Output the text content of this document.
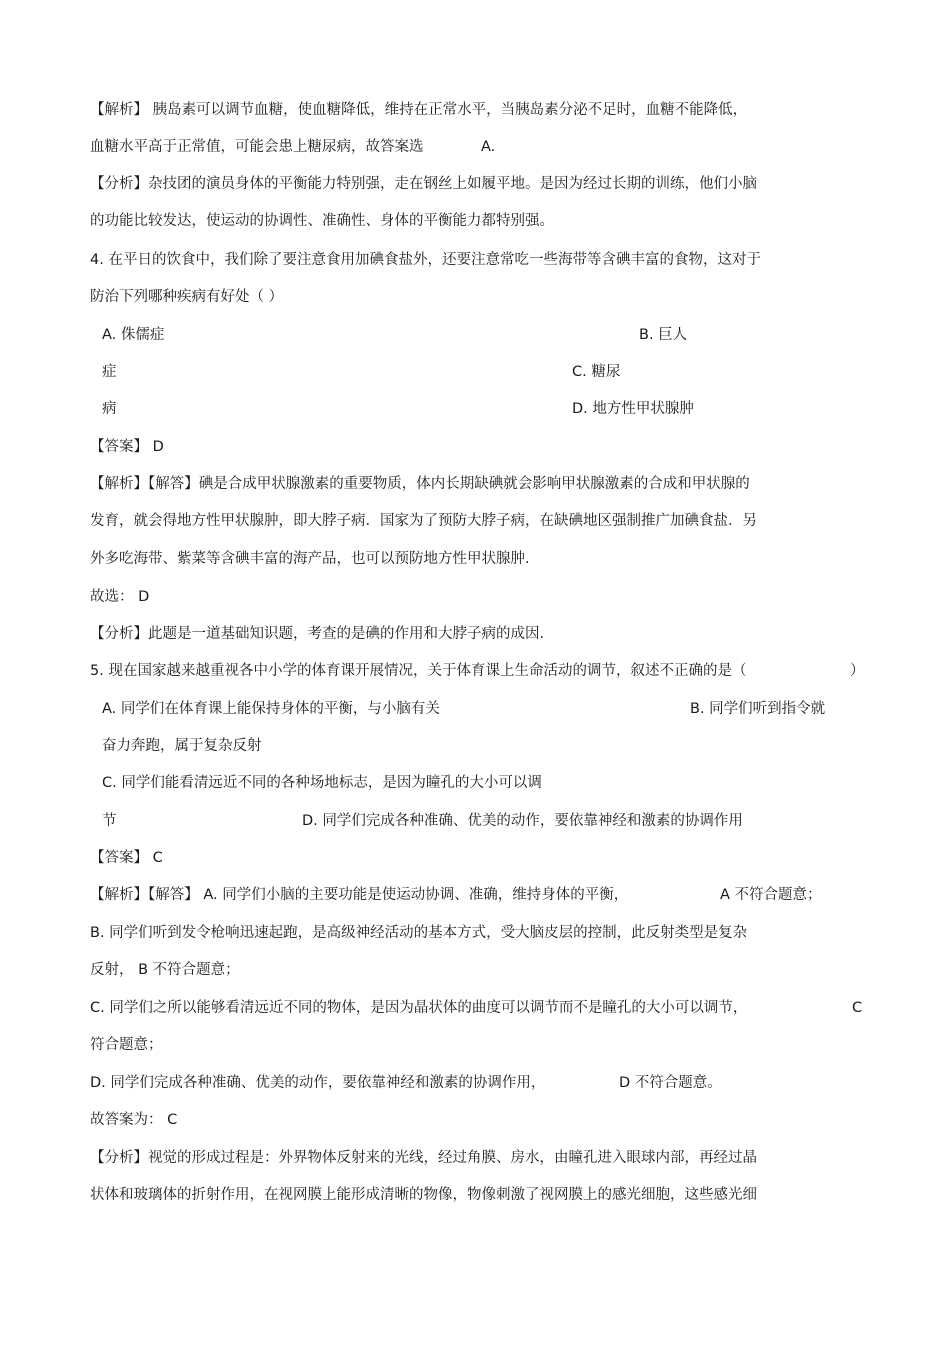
【解析】 胰岛素可以调节血糖，使血糖降低，维持在正常水平，当胰岛素分泌不足时，血糖不能降低，
血糖水平高于正常值，可能会患上糖尿病，故答案选	A.
【分析】杂技团的演员身体的平衡能力特别强，走在钢丝上如履平地。是因为经过长期的训练，他们小脑
的功能比较发达，使运动的协调性、准确性、身体的平衡能力都特别强。
4. 在平日的饮食中，我们除了要注意食用加碘食盐外，还要注意常吃一些海带等含碘丰富的食物，这对于
防治下列哪种疾病有好处（ ）
A. 侏儒症	B. 巨人
症	C. 糖尿
病	D. 地方性甲状腺肿
【答案】 D
【解析】【解答】碘是合成甲状腺激素的重要物质，体内长期缺碘就会影响甲状腺激素的合成和甲状腺的
发育，就会得地方性甲状腺肿，即大脖子病．国家为了预防大脖子病，在缺碘地区强制推广加碘食盐．另
外多吃海带、紫菜等含碘丰富的海产品，也可以预防地方性甲状腺肿.
故选： D
【分析】此题是一道基础知识题，考查的是碘的作用和大脖子病的成因.
5. 现在国家越来越重视各中小学的体育课开展情况，关于体育课上生命活动的调节，叙述不正确的是（	）
A. 同学们在体育课上能保持身体的平衡，与小脑有关	B. 同学们听到指令就
奋力奔跑，属于复杂反射
C. 同学们能看清远近不同的各种场地标志，是因为瞳孔的大小可以调
节	D. 同学们完成各种准确、优美的动作，要依靠神经和激素的协调作用
【答案】 C
【解析】【解答】 A. 同学们小脑的主要功能是使运动协调、准确，维持身体的平衡，	A 不符合题意；
B. 同学们听到发令枪响迅速起跑，是高级神经活动的基本方式，受大脑皮层的控制，此反射类型是复杂
反射， B 不符合题意；
C. 同学们之所以能够看清远近不同的物体，是因为晶状体的曲度可以调节而不是瞳孔的大小可以调节，	C
符合题意；
D. 同学们完成各种准确、优美的动作，要依靠神经和激素的协调作用，	D 不符合题意。
故答案为： C
【分析】视觉的形成过程是：外界物体反射来的光线，经过角膜、房水，由瞳孔进入眼球内部，再经过晶
状体和玻璃体的折射作用，在视网膜上能形成清晰的物像，物像刺激了视网膜上的感光细胞，这些感光细
